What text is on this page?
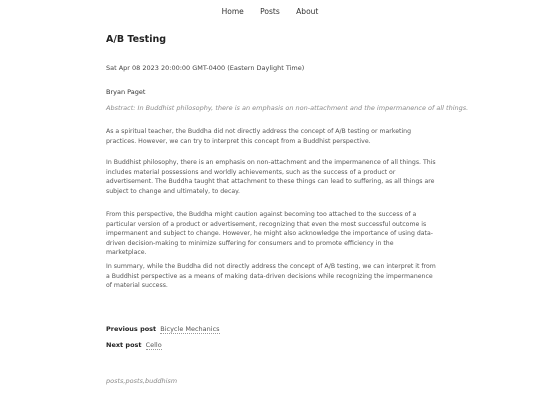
Home Posts About
A/B Testing
Sat Apr 08 2023 20:00:00 GMT-0400 (Eastern Daylight Time)
Bryan Paget
Abstract: In Buddhist philosophy, there is an emphasis on non-attachment and the impermanence of all things.

As a spiritual teacher, the Buddha did not directly address the concept of A/B testing or marketing practices. However, we can try to interpret this concept from a Buddhist perspective.

In Buddhist philosophy, there is an emphasis on non-attachment and the impermanence of all things. This includes material possessions and worldly achievements, such as the success of a product or advertisement. The Buddha taught that attachment to these things can lead to suffering, as all things are subject to change and ultimately, to decay.

From this perspective, the Buddha might caution against becoming too attached to the success of a particular version of a product or advertisement, recognizing that even the most successful outcome is impermanent and subject to change. However, he might also acknowledge the importance of using data-driven decision-making to minimize suffering for consumers and to promote efficiency in the marketplace.

In summary, while the Buddha did not directly address the concept of A/B testing, we can interpret it from a Buddhist perspective as a means of making data-driven decisions while recognizing the impermanence of material success.

Previous post Bicycle Mechanics
Next post Cello
posts,posts,buddhism
